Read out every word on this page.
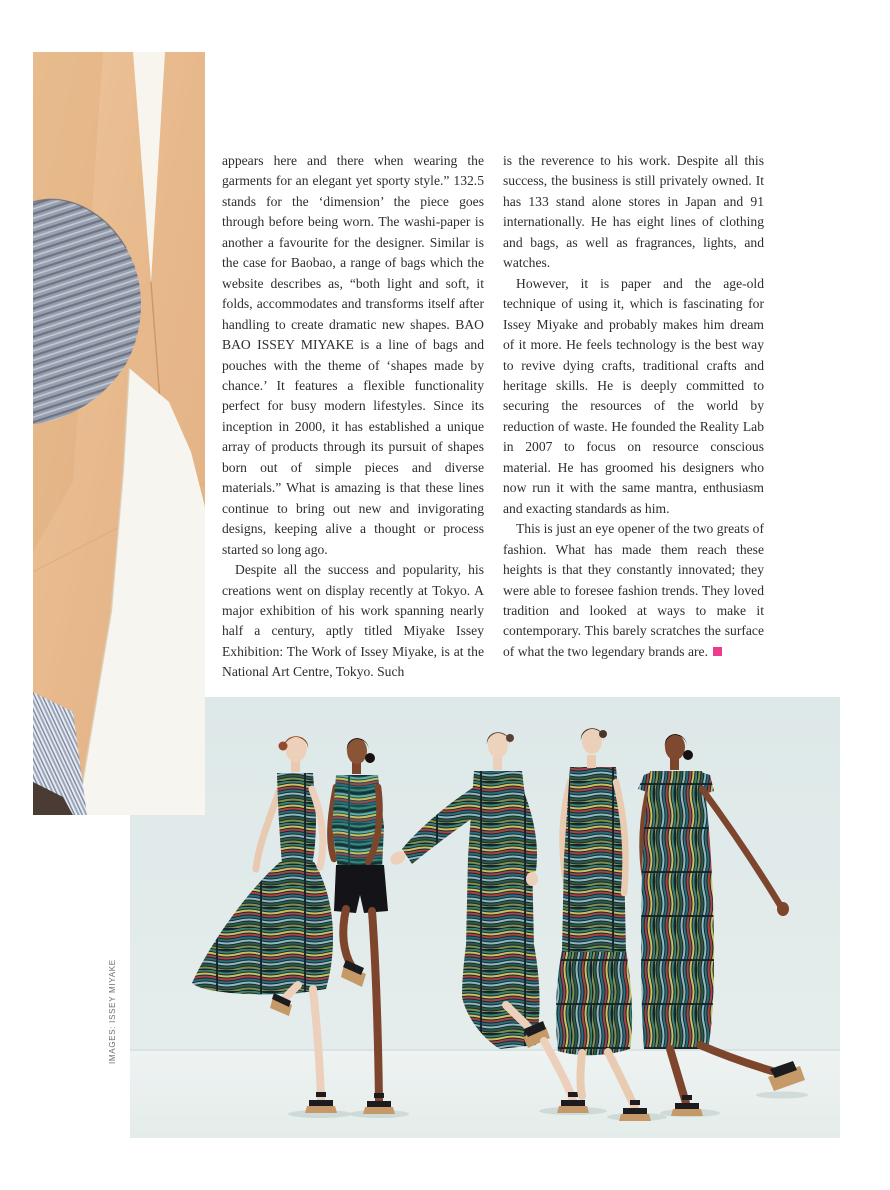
appears here and there when wearing the garments for an elegant yet sporty style.” 132.5 stands for the ‘dimension’ the piece goes through before being worn. The washi-paper is another a favourite for the designer. Similar is the case for Baobao, a range of bags which the website describes as, “both light and soft, it folds, accommodates and transforms itself after handling to create dramatic new shapes. BAO BAO ISSEY MIYAKE is a line of bags and pouches with the theme of ‘shapes made by chance.’ It features a flexible functionality perfect for busy modern lifestyles. Since its inception in 2000, it has established a unique array of products through its pursuit of shapes born out of simple pieces and diverse materials.” What is amazing is that these lines continue to bring out new and invigorating designs, keeping alive a thought or process started so long ago.

Despite all the success and popularity, his creations went on display recently at Tokyo. A major exhibition of his work spanning nearly half a century, aptly titled Miyake Issey Exhibition: The Work of Issey Miyake, is at the National Art Centre, Tokyo. Such

is the reverence to his work. Despite all this success, the business is still privately owned. It has 133 stand alone stores in Japan and 91 internationally. He has eight lines of clothing and bags, as well as fragrances, lights, and watches.

However, it is paper and the age-old technique of using it, which is fascinating for Issey Miyake and probably makes him dream of it more. He feels technology is the best way to revive dying crafts, traditional crafts and heritage skills. He is deeply committed to securing the resources of the world by reduction of waste. He founded the Reality Lab in 2007 to focus on resource conscious material. He has groomed his designers who now run it with the same mantra, enthusiasm and exacting standards as him.

This is just an eye opener of the two greats of fashion. What has made them reach these heights is that they constantly innovated; they were able to foresee fashion trends. They loved tradition and looked at ways to make it contemporary. This barely scratches the surface of what the two legendary brands are.

IMAGES: ISSEY MIYAKE
